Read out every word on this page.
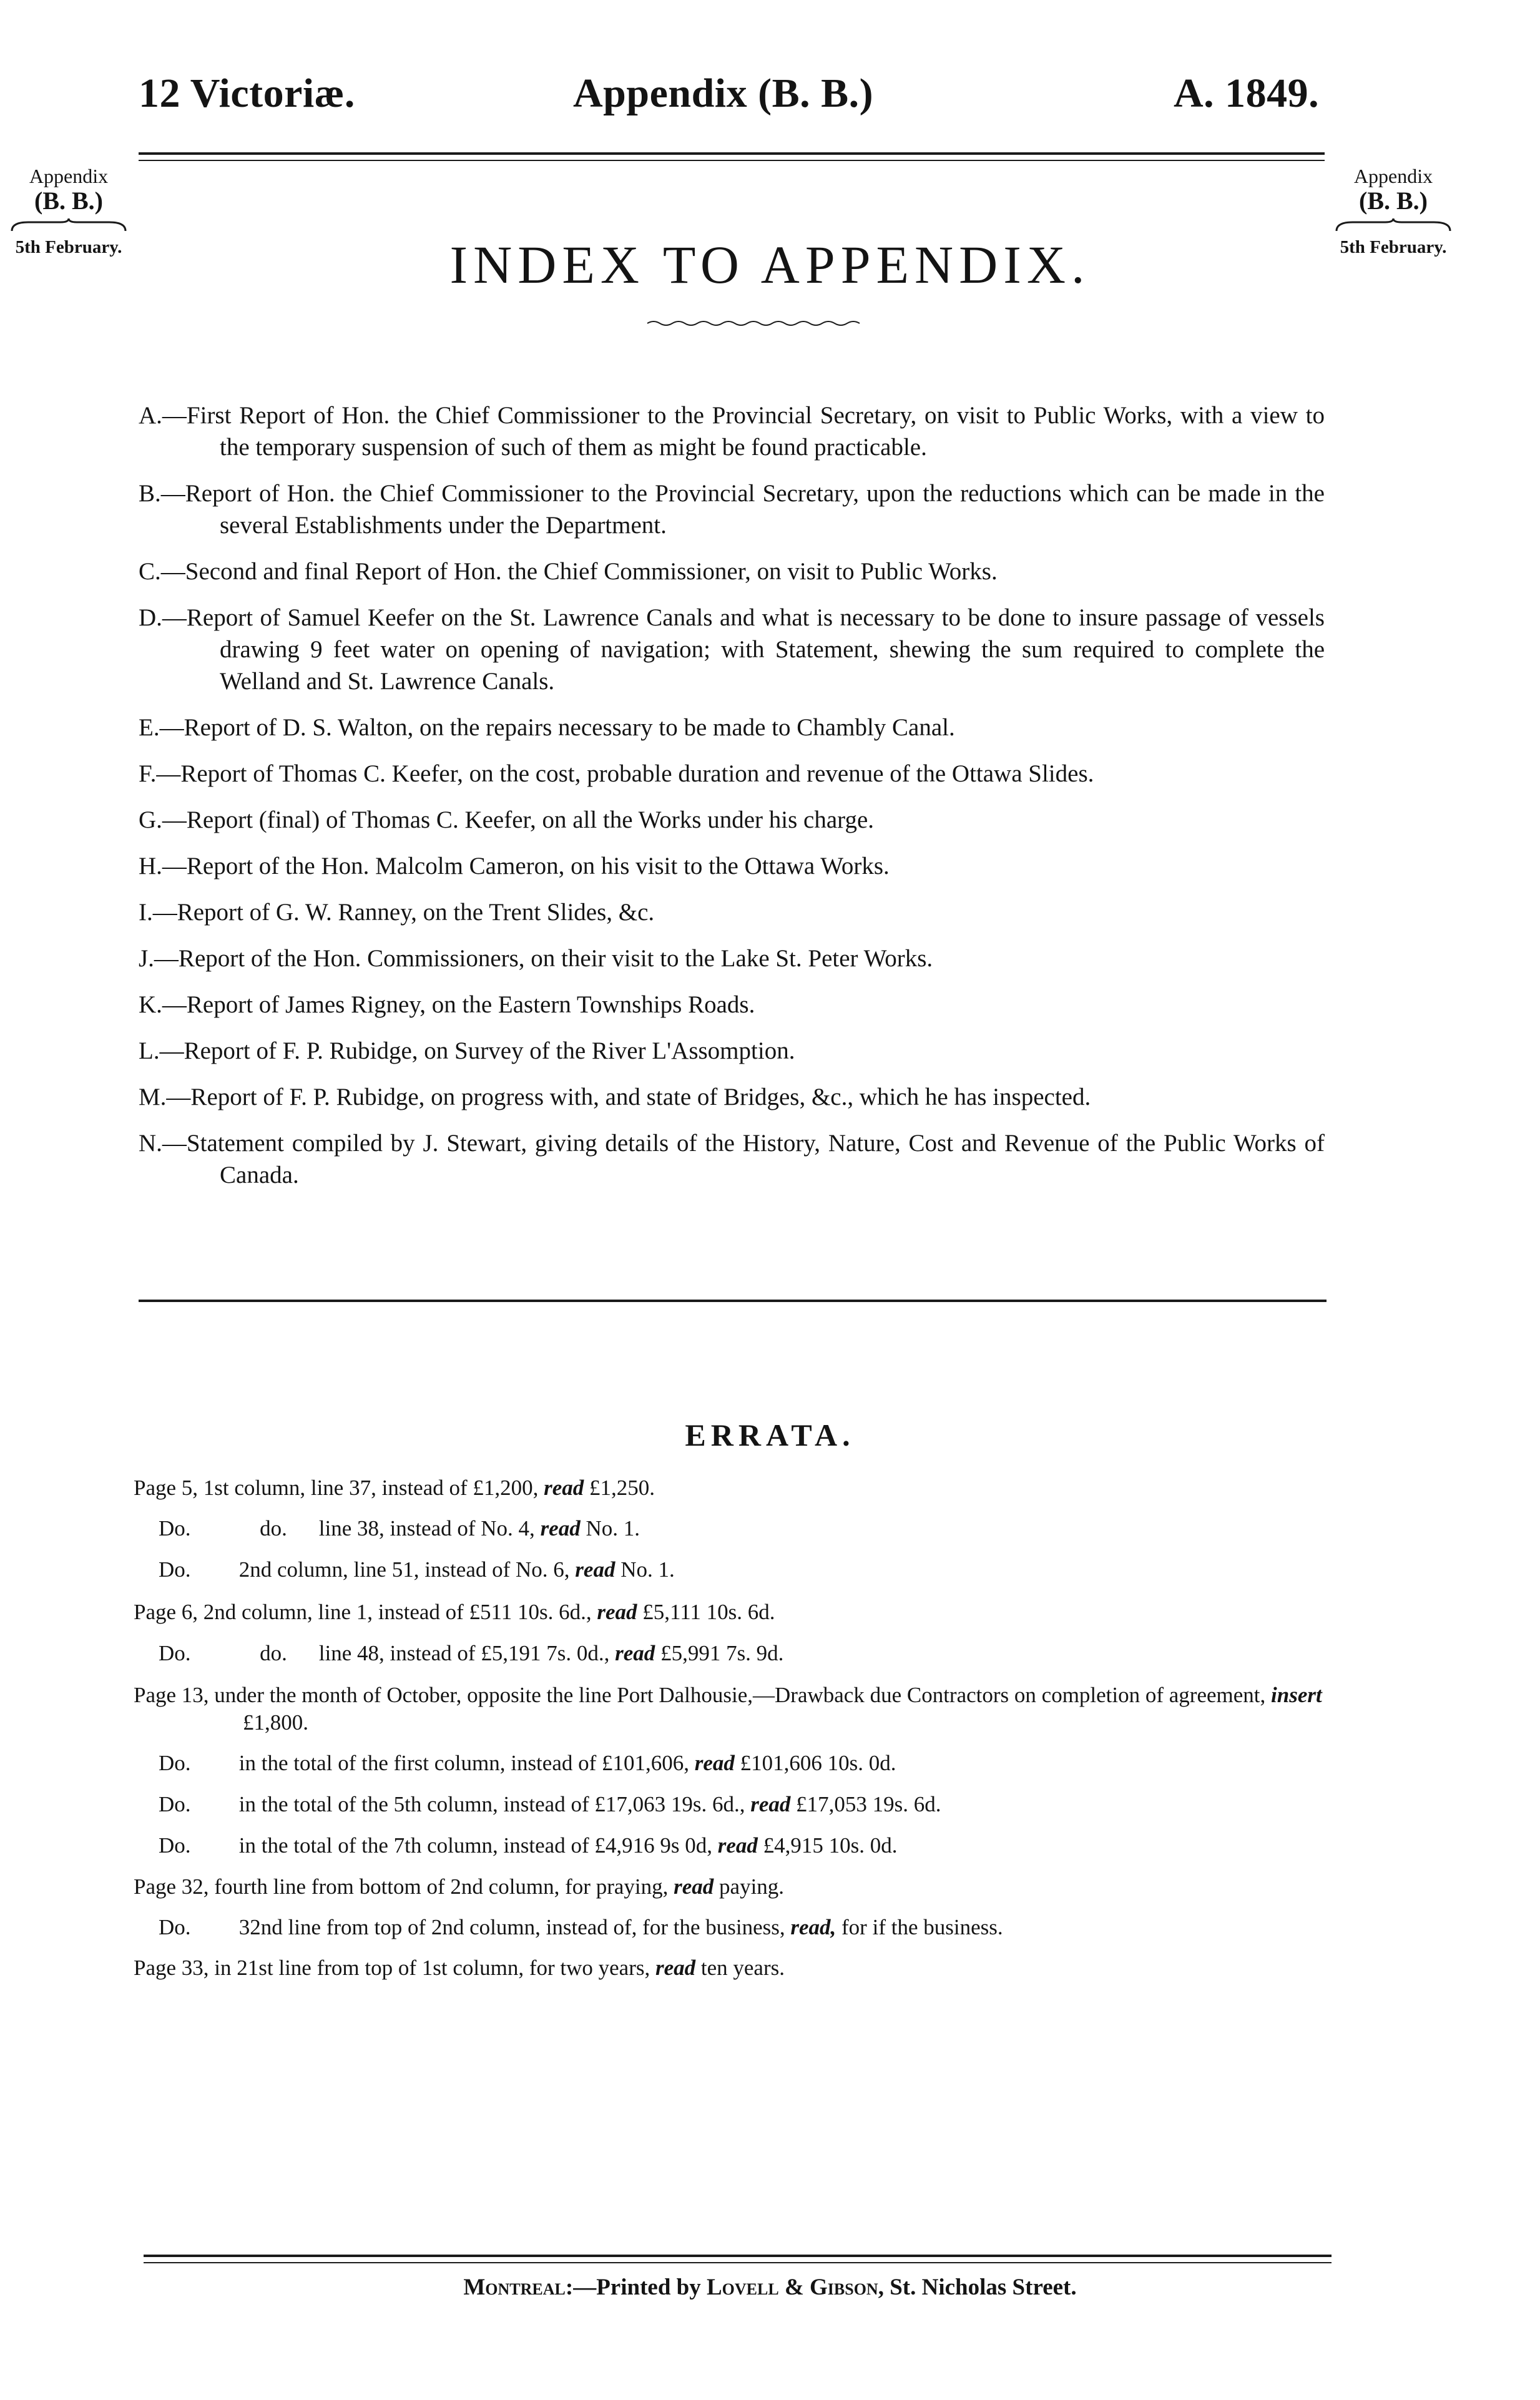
12 Victoriæ.	Appendix (B. B.)	A. 1849.
Appendix
(B. B.)
5th February.
Appendix
(B. B.)
5th February.
INDEX TO APPENDIX.
A.—First Report of Hon. the Chief Commissioner to the Provincial Secretary, on visit to Public Works, with a view to the temporary suspension of such of them as might be found practicable.
B.—Report of Hon. the Chief Commissioner to the Provincial Secretary, upon the reductions which can be made in the several Establishments under the Department.
C.—Second and final Report of Hon. the Chief Commissioner, on visit to Public Works.
D.—Report of Samuel Keefer on the St. Lawrence Canals and what is necessary to be done to insure passage of vessels drawing 9 feet water on opening of navigation; with Statement, shewing the sum required to complete the Welland and St. Lawrence Canals.
E.—Report of D. S. Walton, on the repairs necessary to be made to Chambly Canal.
F.—Report of Thomas C. Keefer, on the cost, probable duration and revenue of the Ottawa Slides.
G.—Report (final) of Thomas C. Keefer, on all the Works under his charge.
H.—Report of the Hon. Malcolm Cameron, on his visit to the Ottawa Works.
I.—Report of G. W. Ranney, on the Trent Slides, &c.
J.—Report of the Hon. Commissioners, on their visit to the Lake St. Peter Works.
K.—Report of James Rigney, on the Eastern Townships Roads.
L.—Report of F. P. Rubidge, on Survey of the River L'Assomption.
M.—Report of F. P. Rubidge, on progress with, and state of Bridges, &c., which he has inspected.
N.—Statement compiled by J. Stewart, giving details of the History, Nature, Cost and Revenue of the Public Works of Canada.
ERRATA.
Page 5, 1st column, line 37, instead of £1,200, read £1,250.
Do.	do. line 38, instead of No. 4, read No. 1.
Do. 2nd column, line 51, instead of No. 6, read No. 1.
Page 6, 2nd column, line 1, instead of £511 10s. 6d., read £5,111 10s. 6d.
Do.	do. line 48, instead of £5,191 7s. 0d., read £5,991 7s. 9d.
Page 13, under the month of October, opposite the line Port Dalhousie,—Drawback due Contractors on completion of agreement, insert £1,800.
Do. in the total of the first column, instead of £101,606, read £101,606 10s. 0d.
Do. in the total of the 5th column, instead of £17,063 19s. 6d., read £17,053 19s. 6d.
Do. in the total of the 7th column, instead of £4,916 9s 0d, read £4,915 10s. 0d.
Page 32, fourth line from bottom of 2nd column, for praying, read paying.
Do. 32nd line from top of 2nd column, instead of, for the business, read, for if the business.
Page 33, in 21st line from top of 1st column, for two years, read ten years.
Montreal:—Printed by Lovell & Gibson, St. Nicholas Street.
